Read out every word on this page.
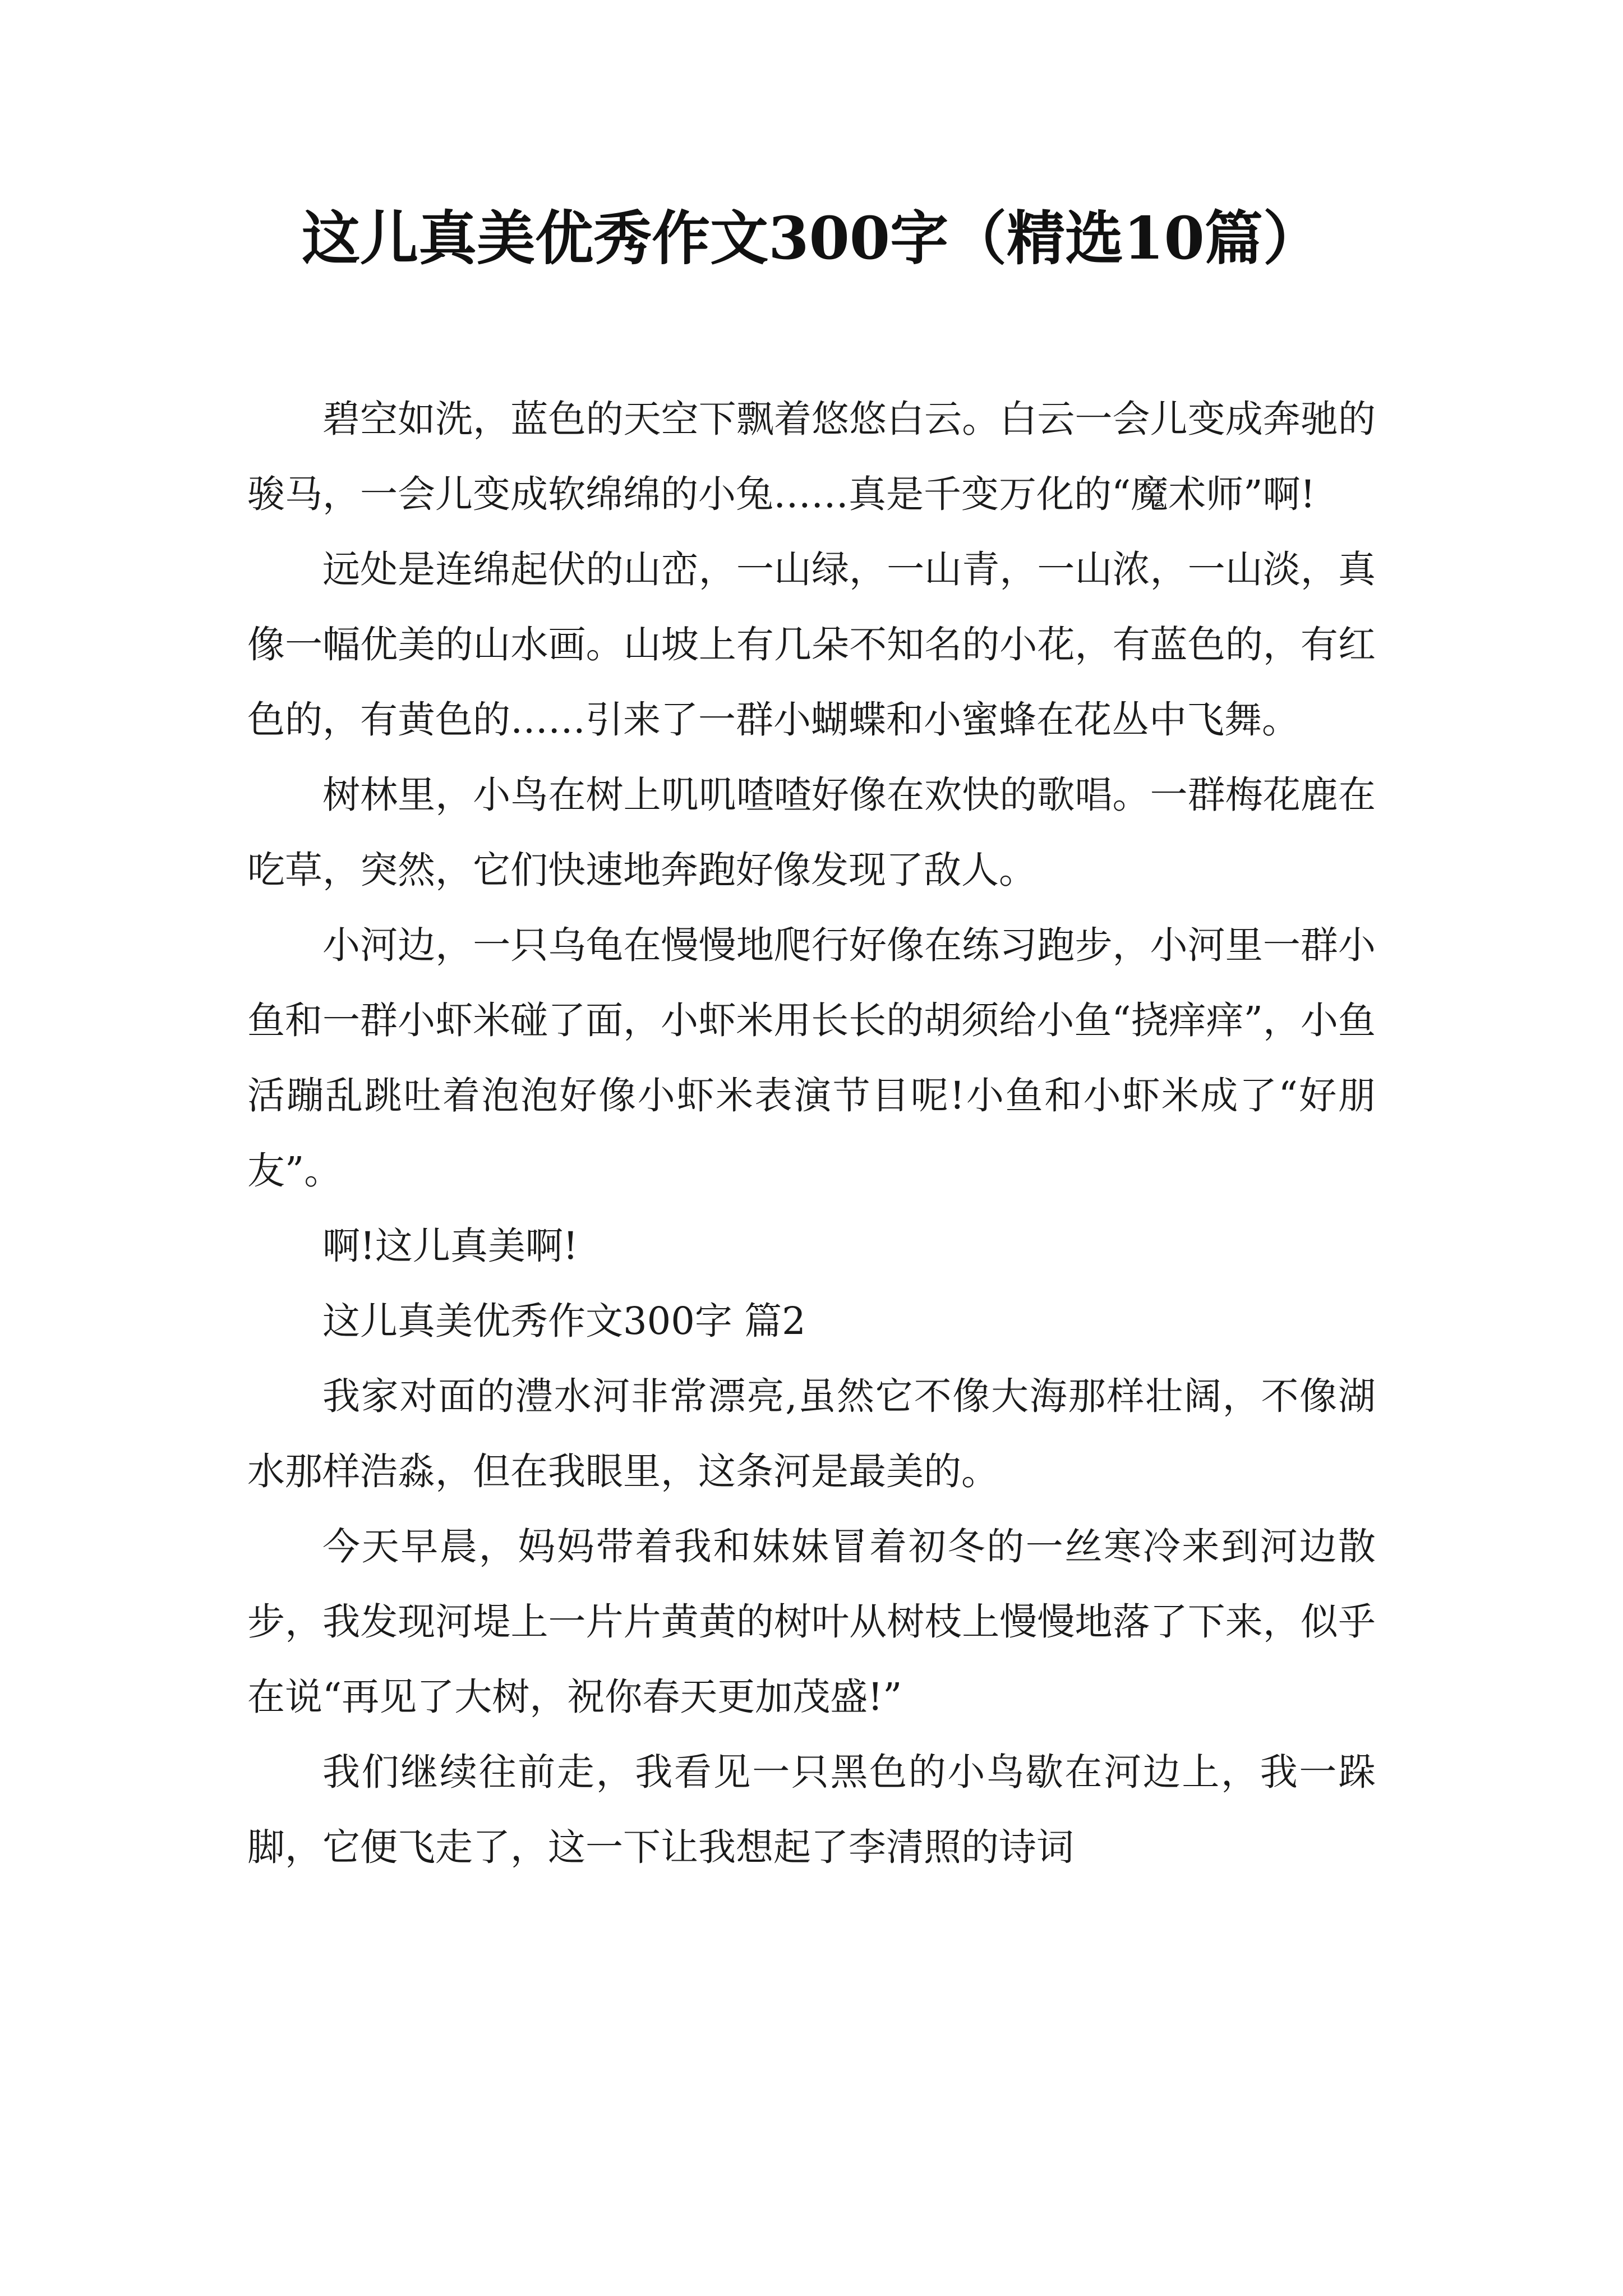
这儿真美优秀作文300字（精选10篇）

碧空如洗，蓝色的天空下飘着悠悠白云。白云一会儿变成奔驰的骏马，一会儿变成软绵绵的小兔……真是千变万化的“魔术师”啊!

远处是连绵起伏的山峦，一山绿，一山青，一山浓，一山淡，真像一幅优美的山水画。山坡上有几朵不知名的小花，有蓝色的，有红色的，有黄色的……引来了一群小蝴蝶和小蜜蜂在花丛中飞舞。

树林里，小鸟在树上叽叽喳喳好像在欢快的歌唱。一群梅花鹿在吃草，突然，它们快速地奔跑好像发现了敌人。

小河边，一只乌龟在慢慢地爬行好像在练习跑步，小河里一群小鱼和一群小虾米碰了面，小虾米用长长的胡须给小鱼“挠痒痒”，小鱼活蹦乱跳吐着泡泡好像小虾米表演节目呢!小鱼和小虾米成了“好朋友”。

啊!这儿真美啊!

这儿真美优秀作文300字 篇2

我家对面的澧水河非常漂亮,虽然它不像大海那样壮阔，不像湖水那样浩淼，但在我眼里，这条河是最美的。

今天早晨，妈妈带着我和妹妹冒着初冬的一丝寒冷来到河边散步，我发现河堤上一片片黄黄的树叶从树枝上慢慢地落了下来，似乎在说“再见了大树，祝你春天更加茂盛!”

我们继续往前走，我看见一只黑色的小鸟歇在河边上，我一跺脚，它便飞走了，这一下让我想起了李清照的诗词
